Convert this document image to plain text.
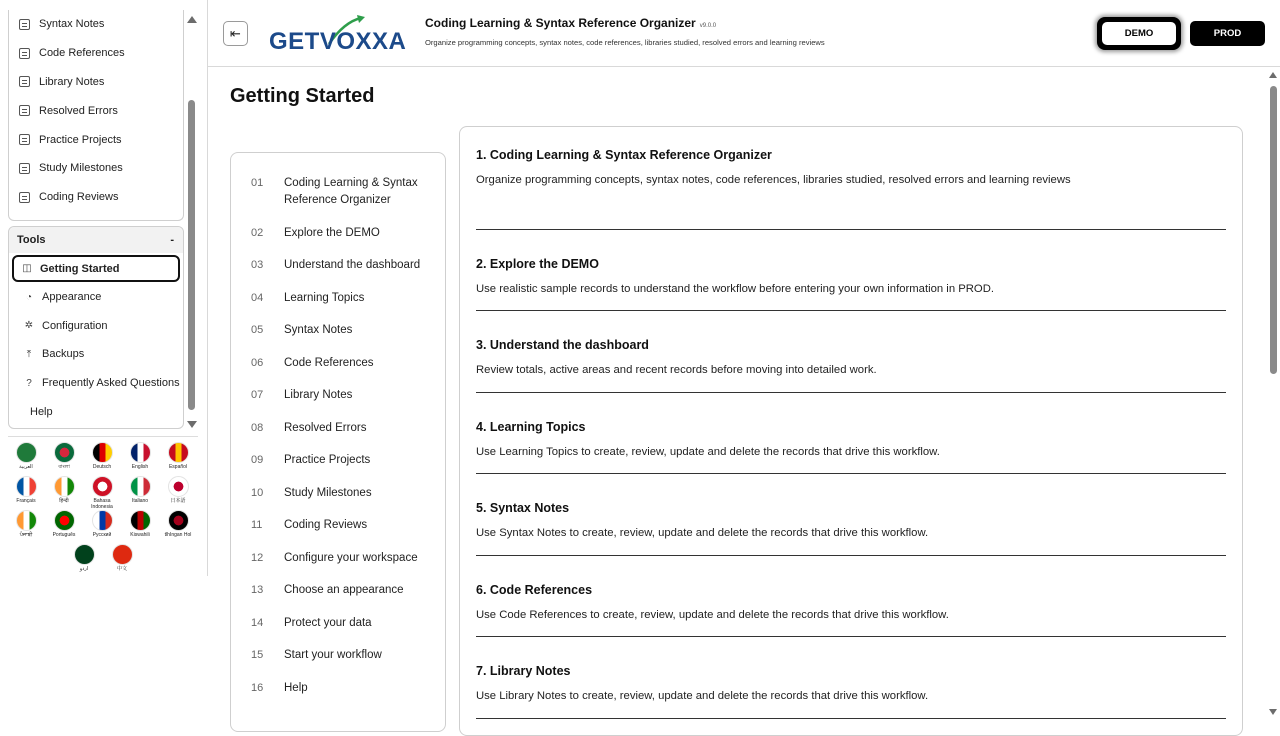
Syntax Notes
Code References
Library Notes
Resolved Errors
Practice Projects
Study Milestones
Coding Reviews
Tools	-
◫ Getting Started
◔ Appearance
✲ Configuration
⤒ Backups
? Frequently Asked Questions
Help
العربية	বাংলা	Deutsch	English	Español
Français	हिन्दी	Bahasa Indonesia
Italiano	日本語
ਪੰਜਾਬੀ	Português	Русский	Kiswahili	tlhIngan Hol
اردو	中文
⇤ GETVOXXA
Coding Learning & Syntax Reference Organizer v9.0.0
Organize programming concepts, syntax notes, code references, libraries studied, resolved errors and learning reviews
DEMO	PROD
Getting Started
01	Coding Learning & Syntax Reference Organizer
02	Explore the DEMO
03	Understand the dashboard
04	Learning Topics
05	Syntax Notes
06	Code References
07	Library Notes
08	Resolved Errors
09	Practice Projects
10	Study Milestones
11	Coding Reviews
12	Configure your workspace
13	Choose an appearance
14	Protect your data
15	Start your workflow
16	Help
1. Coding Learning & Syntax Reference Organizer

Organize programming concepts, syntax notes, code references, libraries studied, resolved errors and learning reviews

2. Explore the DEMO

Use realistic sample records to understand the workflow before entering your own information in PROD.

3. Understand the dashboard

Review totals, active areas and recent records before moving into detailed work.

4. Learning Topics

Use Learning Topics to create, review, update and delete the records that drive this workflow.

5. Syntax Notes

Use Syntax Notes to create, review, update and delete the records that drive this workflow.

6. Code References

Use Code References to create, review, update and delete the records that drive this workflow.

7. Library Notes

Use Library Notes to create, review, update and delete the records that drive this workflow.
